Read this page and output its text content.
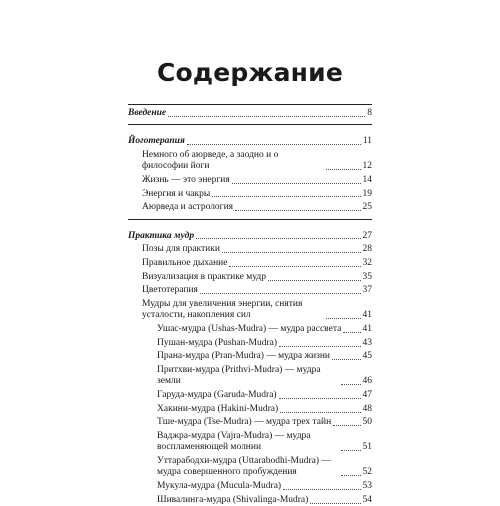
Содержание
Введение	8
Йоготерапия	11
Немного об аюрведе, а заодно и о философии йоги	12
Жизнь — это энергия	14
Энергия и чакры	19
Аюрведа и астрология	25
Практика мудр	27
Позы для практики	28
Правильное дыхание	32
Визуализация в практике мудр	35
Цветотерапия	37
Мудры для увеличения энергии, снятия усталости, накопления сил	41
Ушас-мудра (Ushas-Mudra) — мудра рассвета 41
Пушан-мудра (Pushan-Mudra)	43
Прана-мудра (Pran-Mudra) — мудра жизни	45
Притхви-мудра (Prithvi-Mudra) — мудра земли	46
Гаруда-мудра (Garuda-Mudra)	47
Хакини-мудра (Hakini-Mudra)	48
Тше-мудра (Tse-Mudra) — мудра трех тайн	50
Ваджра-мудра (Vajra-Mudra) — мудра воспламеняющей молнии	51
Уттарабодхи-мудра (Uttarabodhi-Mudra) — мудра совершенного пробуждения	52
Мукула-мудра (Mucula-Mudra)	53
Шивалинга-мудра (Shivalinga-Mudra)	54
